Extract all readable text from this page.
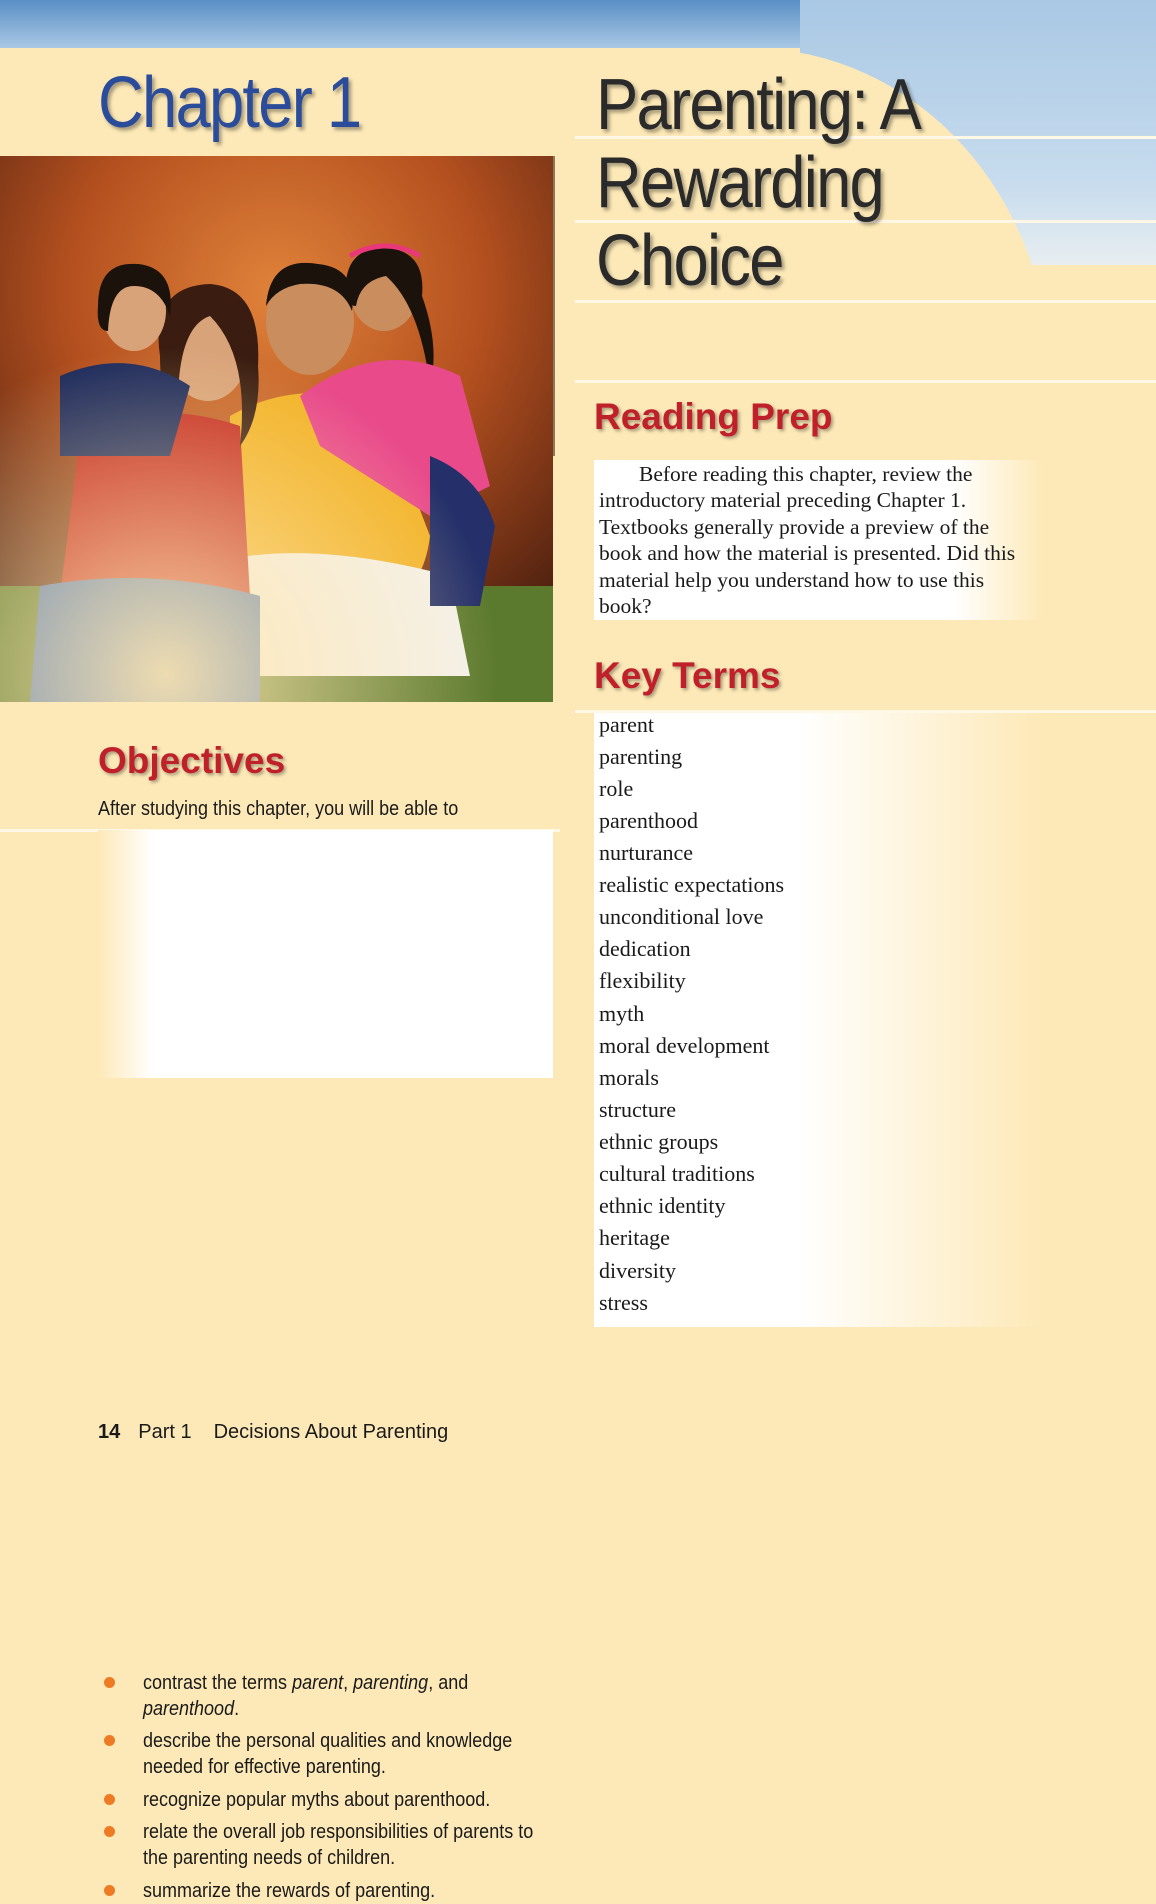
Chapter 1	Parenting: A
Rewarding
Choice
Objectives
After studying this chapter, you will be able to
contrast the terms parent, parenting, and
parenthood.
describe the personal qualities and knowledge needed for effective parenting.
recognize popular myths about parenthood.
relate the overall job responsibilities of parents to the parenting needs of children.
summarize the rewards of parenting.
Reading Prep

Before reading this chapter, review the introductory material preceding Chapter 1. Textbooks generally provide a preview of the book and how the material is presented. Did this material help you understand how to use this book?

Key Terms

parent

parenting

role

parenthood

nurturance

realistic expectations

unconditional love

dedication

flexibility

myth

moral development

morals

structure

ethnic groups

cultural traditions

ethnic identity

heritage

diversity

stress

14 Part 1 Decisions About Parenting
